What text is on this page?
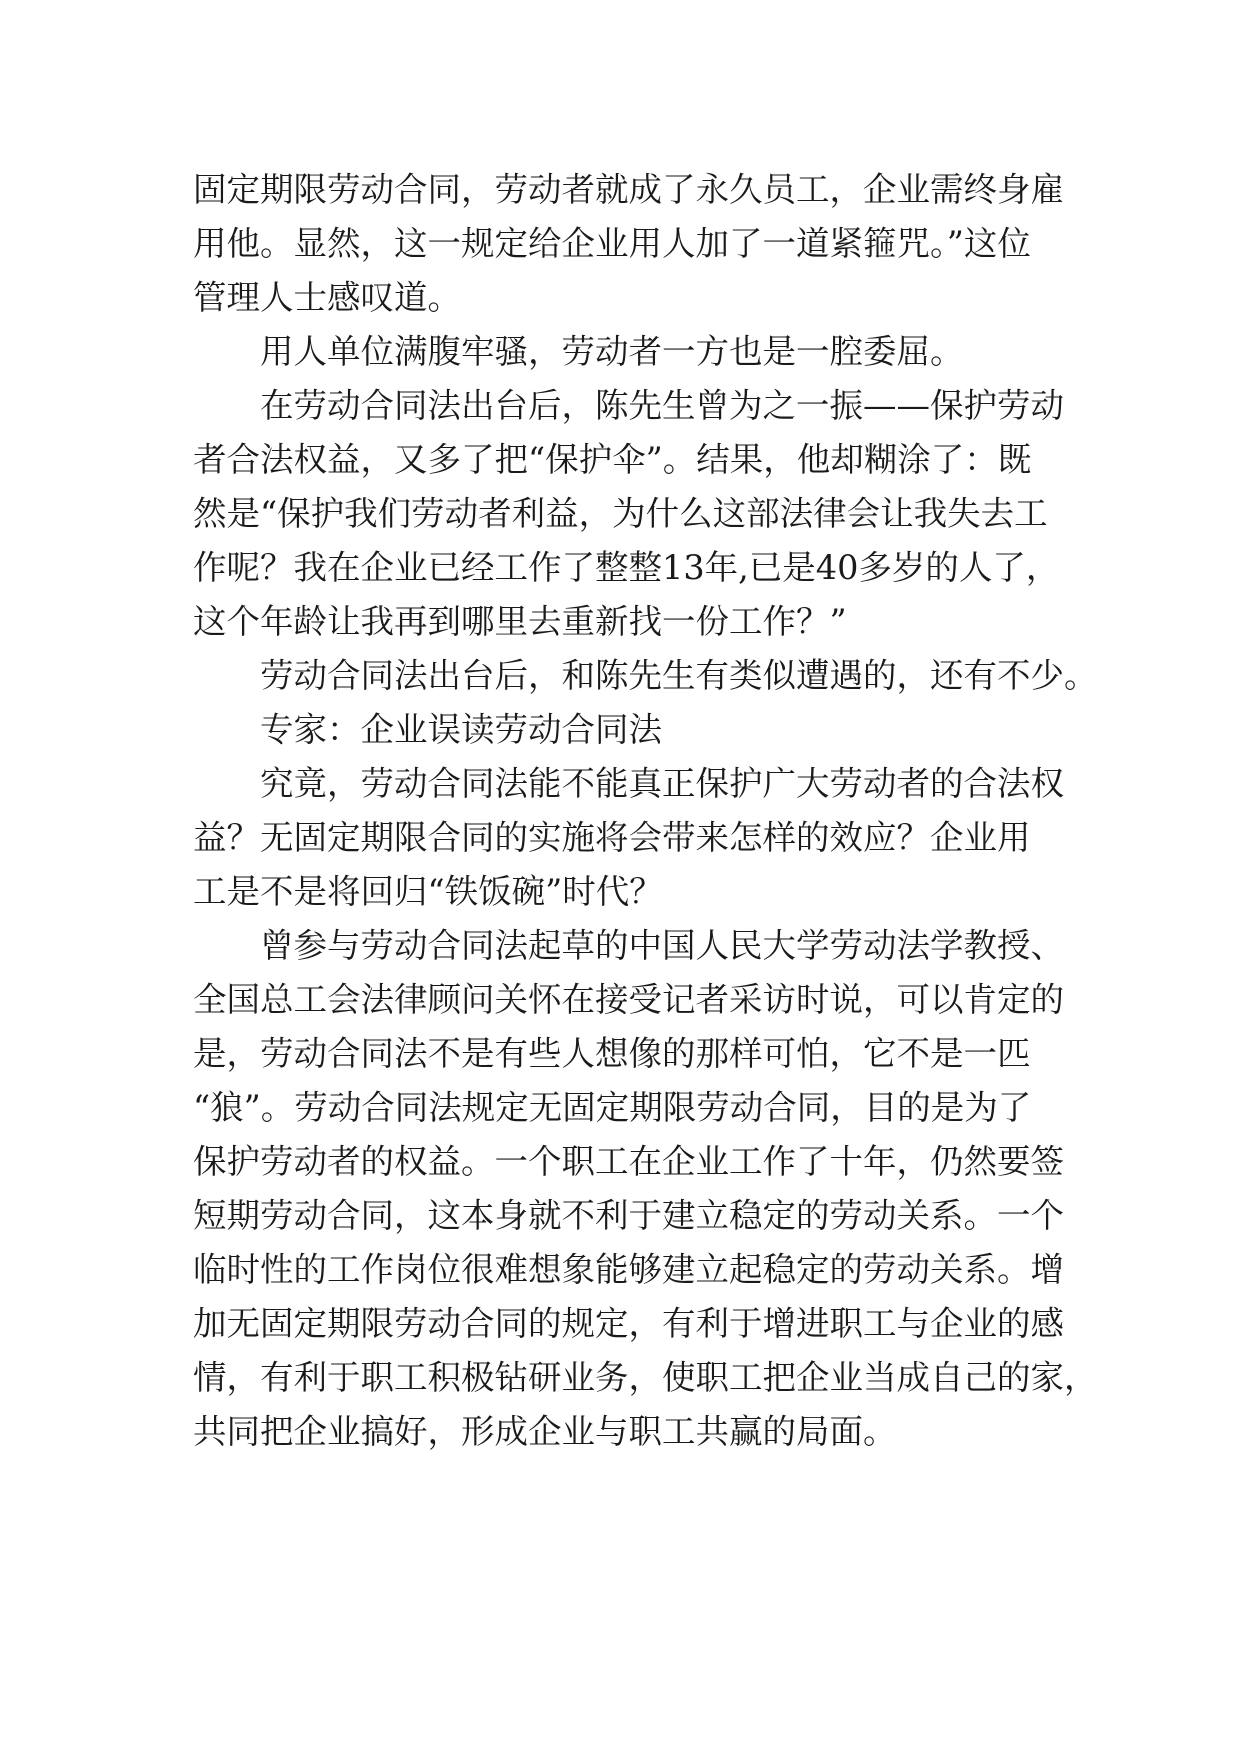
固定期限劳动合同，劳动者就成了永久员工，企业需终身雇

用他。显然，这一规定给企业用人加了一道紧箍咒。”这位

管理人士感叹道。

用人单位满腹牢骚，劳动者一方也是一腔委屈。

在劳动合同法出台后，陈先生曾为之一振——保护劳动

者合法权益，又多了把“保护伞”。结果，他却糊涂了：既

然是“保护我们劳动者利益，为什么这部法律会让我失去工

作呢？我在企业已经工作了整整13年,已是40多岁的人了，

这个年龄让我再到哪里去重新找一份工作？”

劳动合同法出台后，和陈先生有类似遭遇的，还有不少。

专家：企业误读劳动合同法

究竟，劳动合同法能不能真正保护广大劳动者的合法权

益？无固定期限合同的实施将会带来怎样的效应？企业用

工是不是将回归“铁饭碗”时代？

曾参与劳动合同法起草的中国人民大学劳动法学教授、

全国总工会法律顾问关怀在接受记者采访时说，可以肯定的

是，劳动合同法不是有些人想像的那样可怕，它不是一匹

“狼”。劳动合同法规定无固定期限劳动合同，目的是为了

保护劳动者的权益。一个职工在企业工作了十年，仍然要签

短期劳动合同，这本身就不利于建立稳定的劳动关系。一个

临时性的工作岗位很难想象能够建立起稳定的劳动关系。增

加无固定期限劳动合同的规定，有利于增进职工与企业的感

情，有利于职工积极钻研业务，使职工把企业当成自己的家，

共同把企业搞好，形成企业与职工共赢的局面。
